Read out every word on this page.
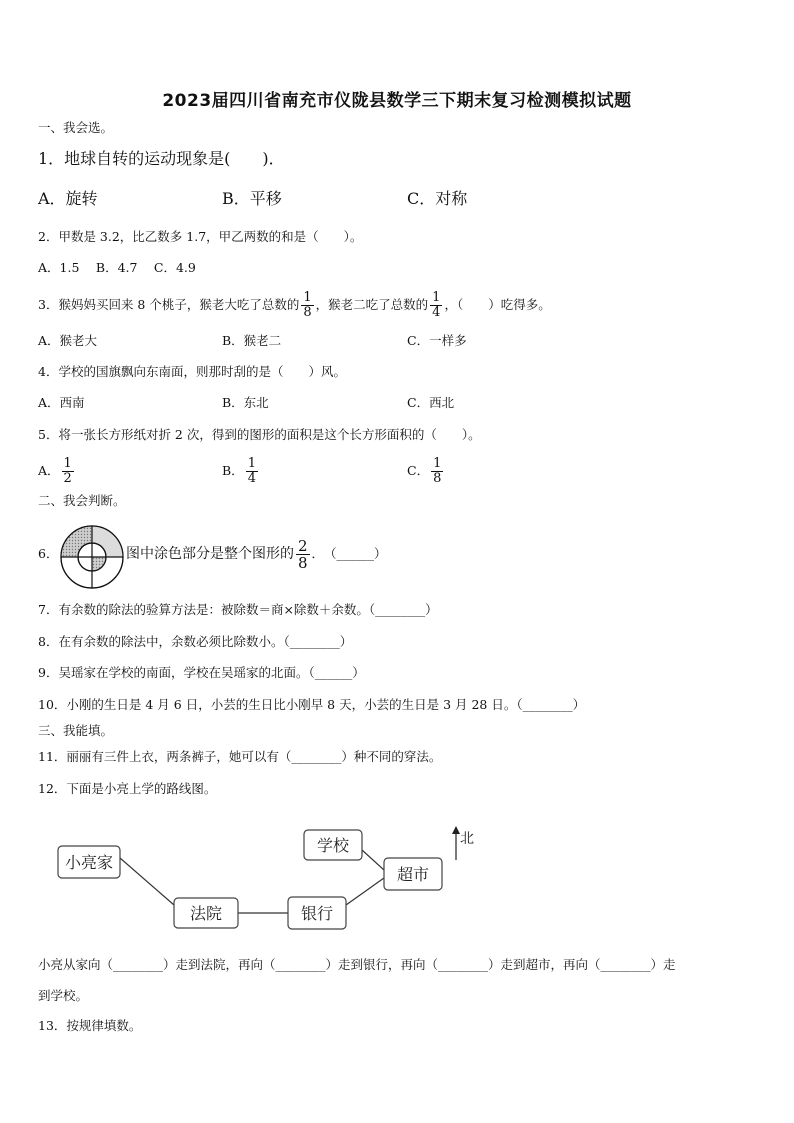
2023届四川省南充市仪陇县数学三下期末复习检测模拟试题
一、我会选。
1．地球自转的运动现象是(　　)．
A．旋转	B．平移	C．对称
2．甲数是 3.2，比乙数多 1.7，甲乙两数的和是（　　）。
A．1.5　 B．4.7　 C．4.9
3．猴妈妈买回来 8 个桃子，猴老大吃了总数的 $\frac{1}{8}$ ，猴老二吃了总数的 $\frac{1}{4}$ ，（　　）吃得多。
A．猴老大	B．猴老二	C．一样多
4．学校的国旗飘向东南面，则那时刮的是（　　）风。
A．西南	B．东北	C．西北
5．将一张长方形纸对折 2 次，得到的图形的面积是这个长方形面积的（　　）。
A． $\frac{1}{2}$	B． $\frac{1}{4}$	C． $\frac{1}{8}$
二、我会判断。
6．	图中涂色部分是整个图形的 $\frac{2}{8}$ ．　（______）
7．有余数的除法的验算方法是：被除数＝商×除数＋余数。（________）
8．在有余数的除法中，余数必须比除数小。（________）
9．吴瑶家在学校的南面，学校在吴瑶家的北面。（______）
10．小刚的生日是 4 月 6 日，小芸的生日比小刚早 8 天，小芸的生日是 3 月 28 日。（________）
三、我能填。
11．丽丽有三件上衣，两条裤子，她可以有（________）种不同的穿法。
12．下面是小亮上学的路线图。
小亮家
法院	银行
学校
超市
北
小亮从家向（________）走到法院，再向（________）走到银行，再向（________）走到超市，再向（________）走
到学校。
13．按规律填数。
